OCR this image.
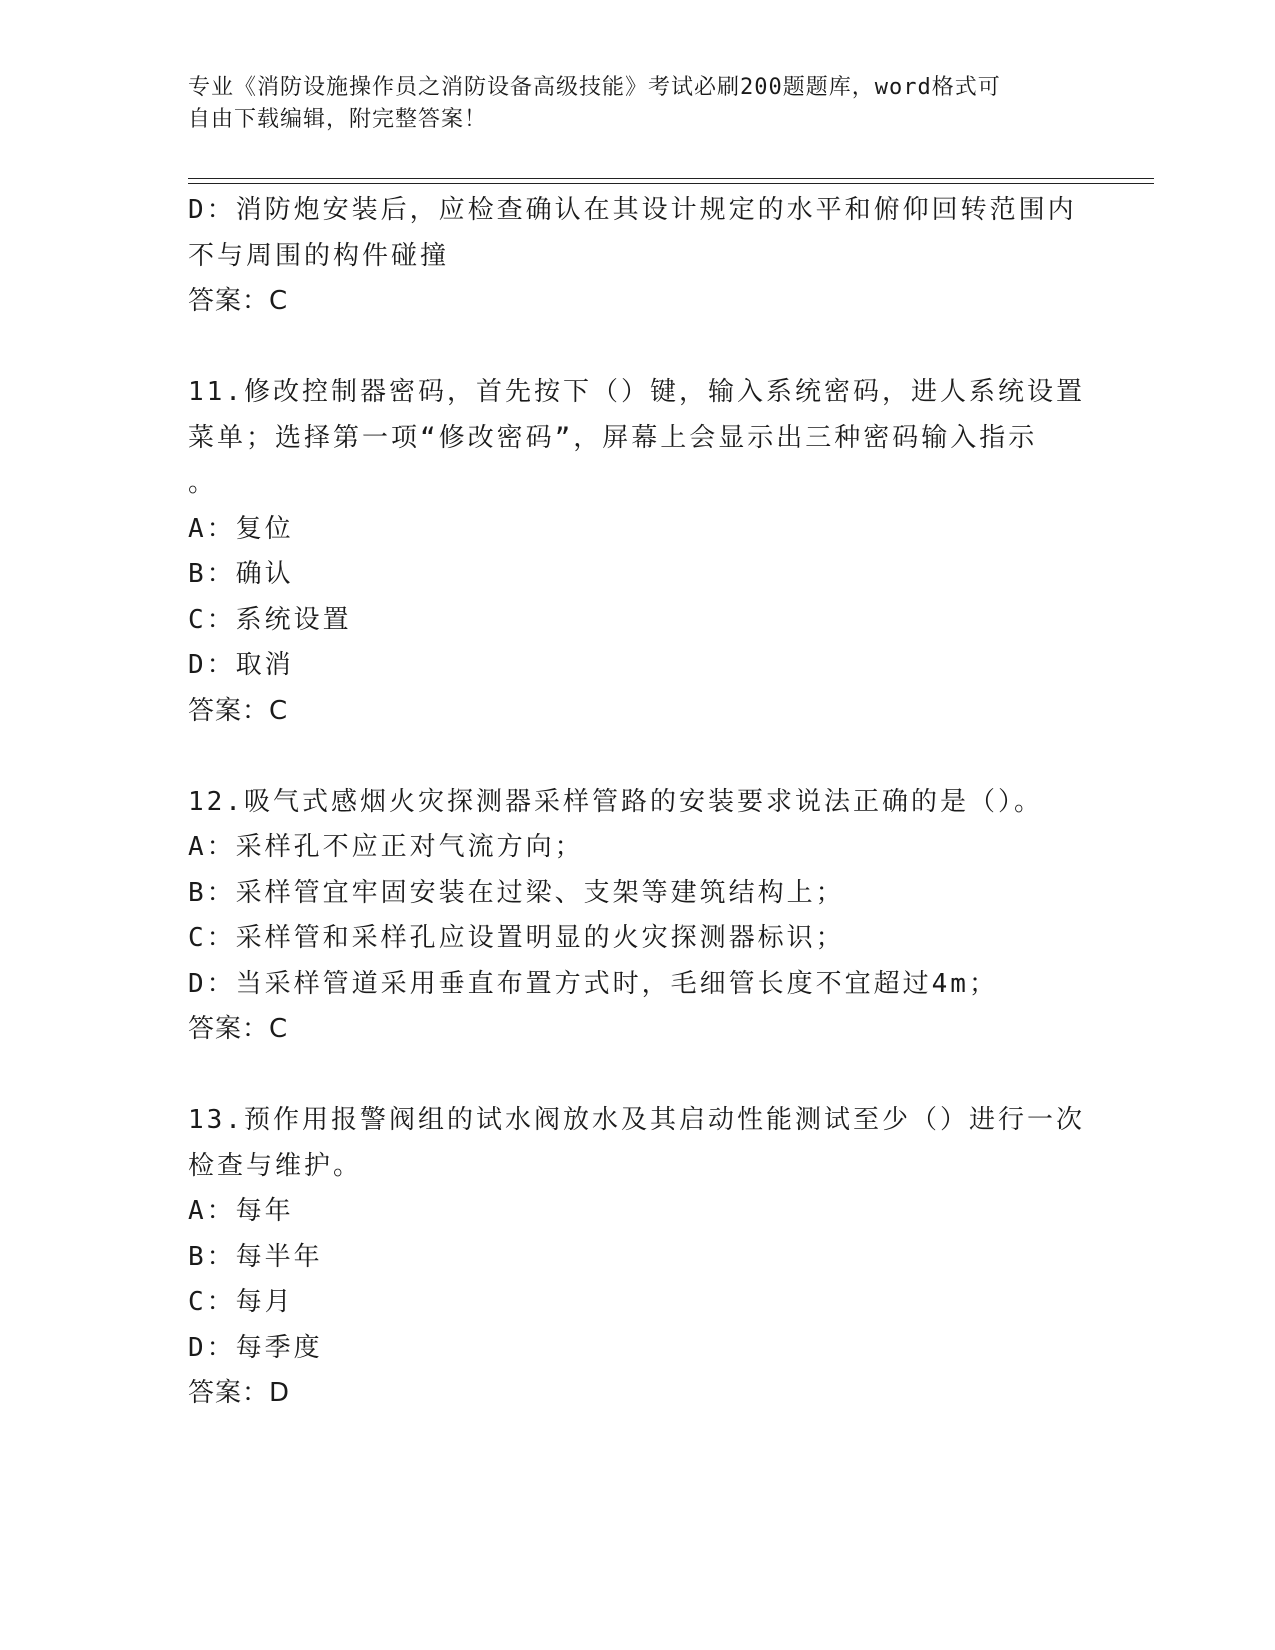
专业《消防设施操作员之消防设备高级技能》考试必刷200题题库，word格式可
自由下载编辑，附完整答案！
D：消防炮安装后，应检查确认在其设计规定的水平和俯仰回转范围内
不与周围的构件碰撞
答案：C
11.修改控制器密码，首先按下（）键，输入系统密码，进人系统设置
菜单；选择第一项“修改密码”，屏幕上会显示出三种密码输入指示
。
A：复位
B：确认
C：系统设置
D：取消
答案：C
12.吸气式感烟火灾探测器采样管路的安装要求说法正确的是（）。
A：采样孔不应正对气流方向；
B：采样管宜牢固安装在过梁、支架等建筑结构上；
C：采样管和采样孔应设置明显的火灾探测器标识；
D：当采样管道采用垂直布置方式时，毛细管长度不宜超过4m；
答案：C
13.预作用报警阀组的试水阀放水及其启动性能测试至少（）进行一次
检查与维护。
A：每年
B：每半年
C：每月
D：每季度
答案：D
